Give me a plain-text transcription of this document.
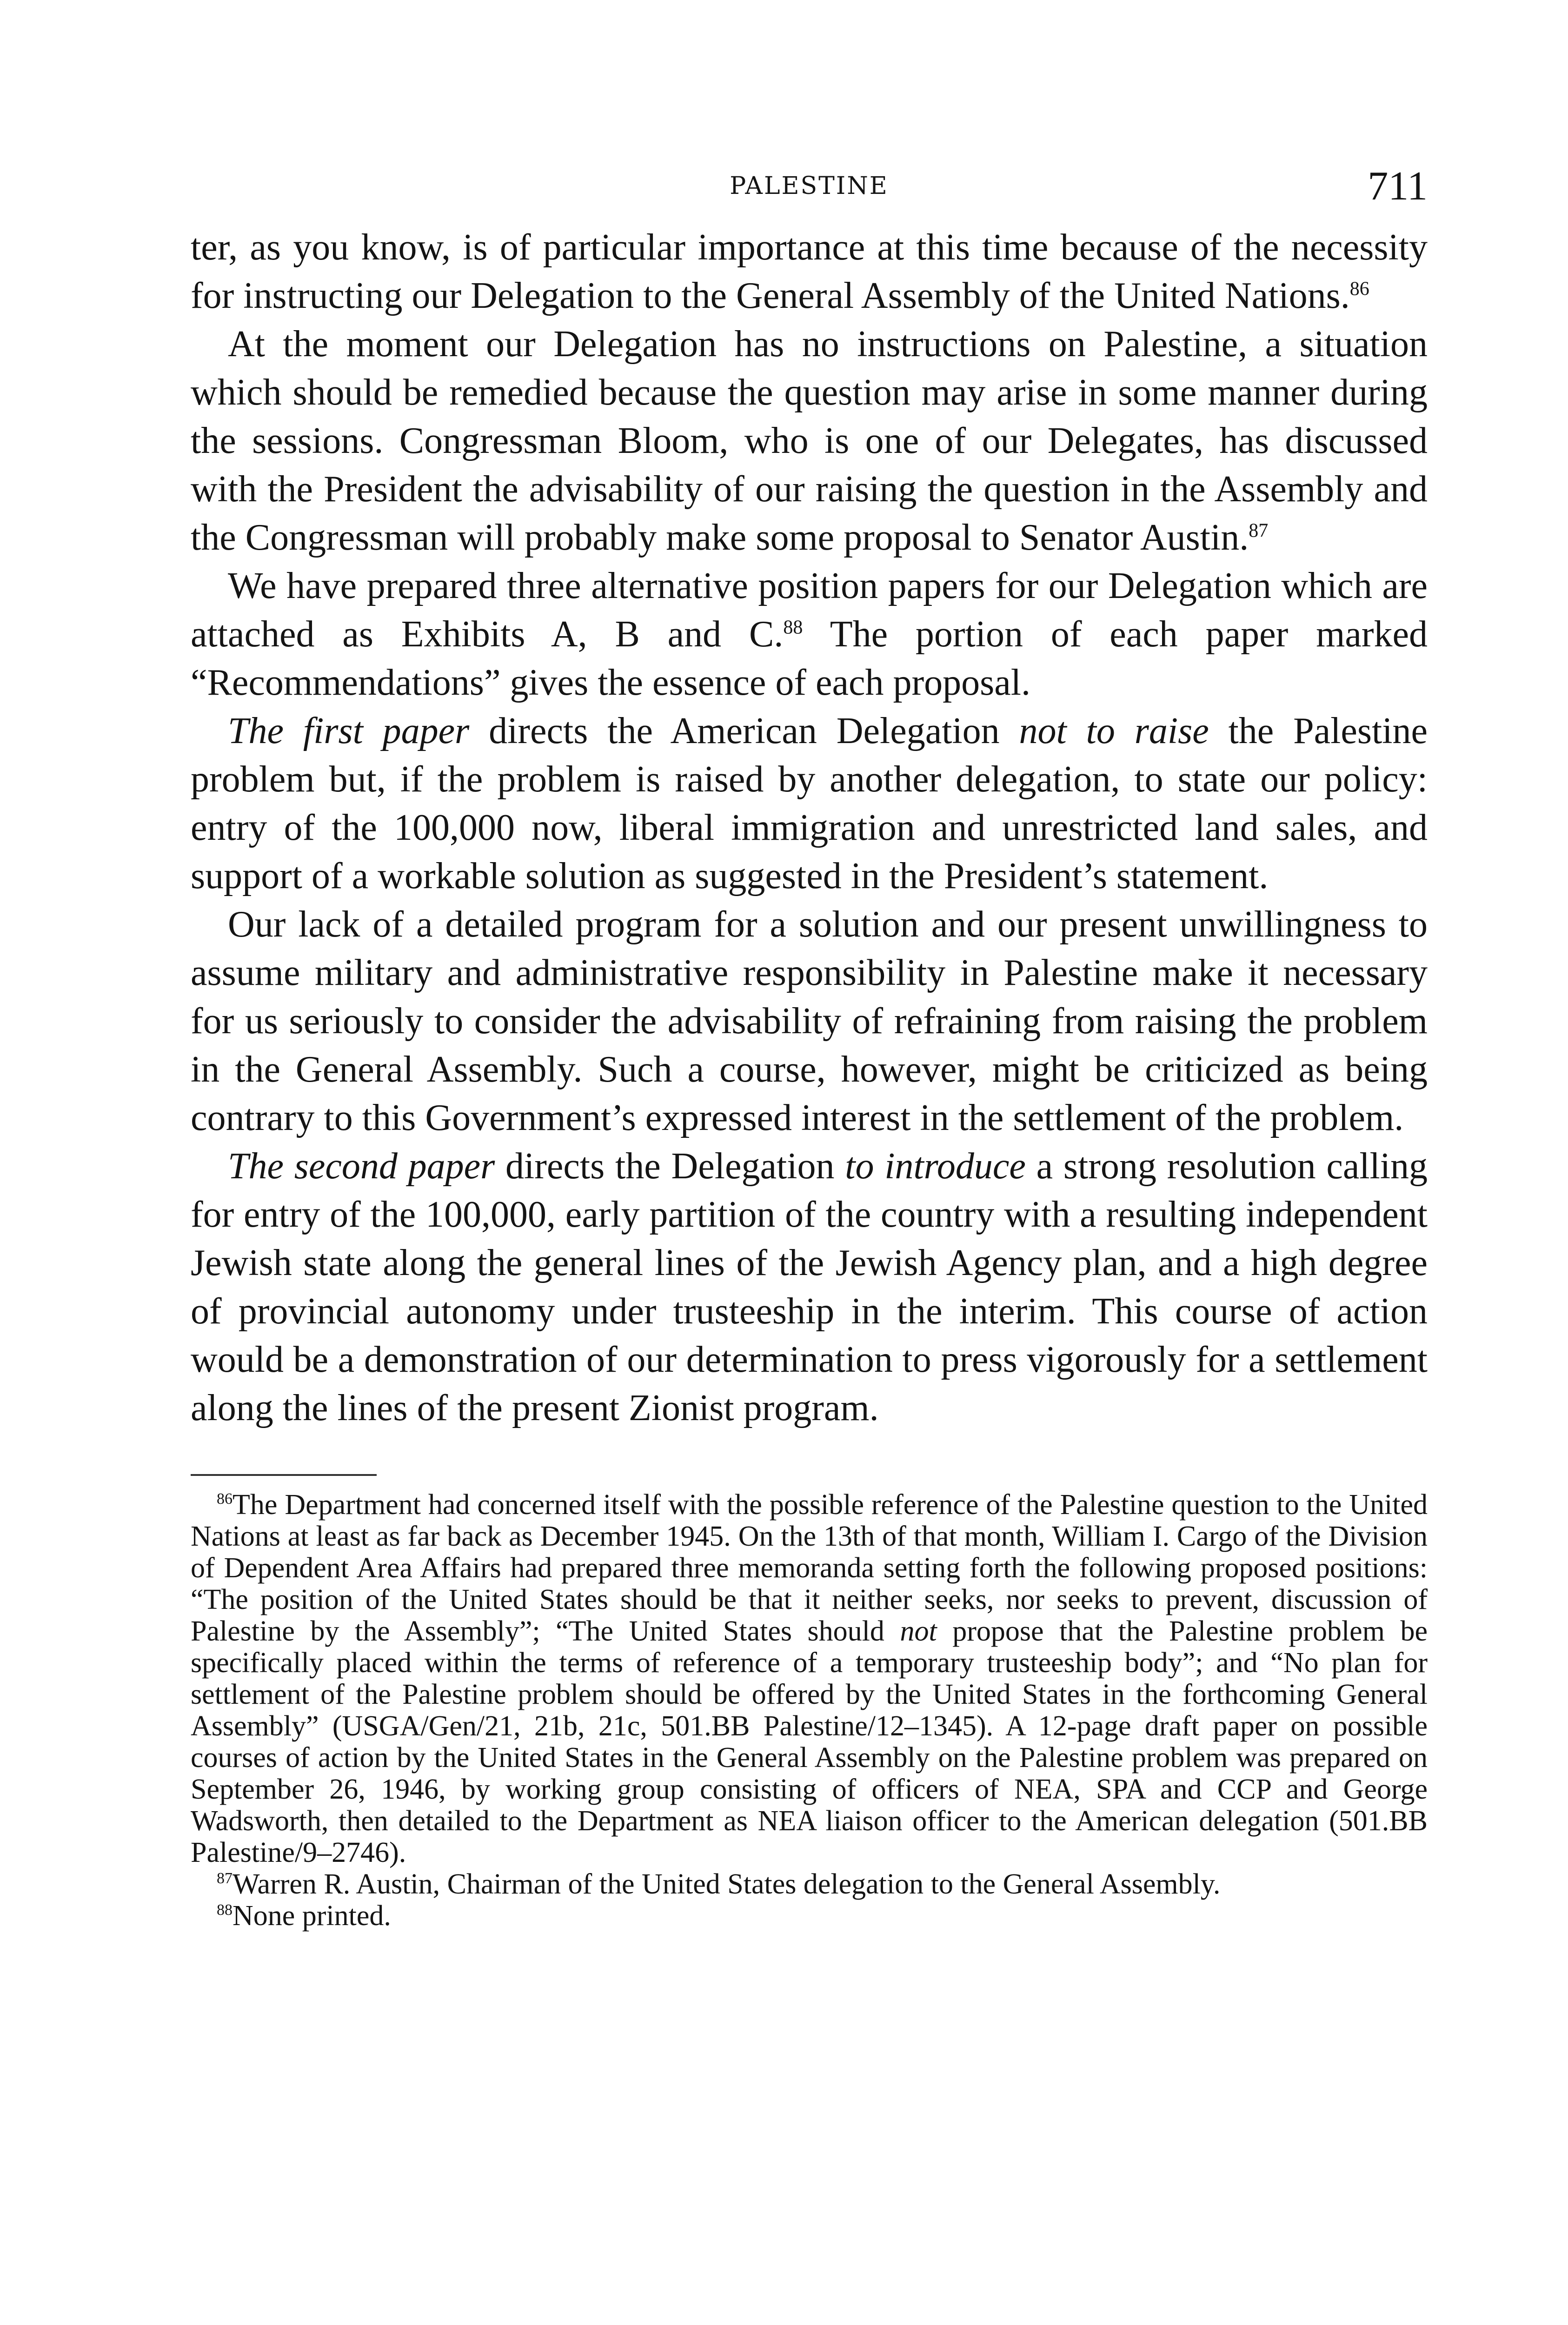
PALESTINE	711

ter, as you know, is of particular importance at this time because of the necessity for instructing our Delegation to the General Assembly of the United Nations.$^{86}$

At the moment our Delegation has no instructions on Palestine, a situation which should be remedied because the question may arise in some manner during the sessions. Congressman Bloom, who is one of our Delegates, has discussed with the President the advisability of our raising the question in the Assembly and the Congressman will probably make some proposal to Senator Austin.$^{87}$

We have prepared three alternative position papers for our Delegation which are attached as Exhibits A, B and C.$^{88}$ The portion of each paper marked “Recommendations” gives the essence of each proposal.

The first paper directs the American Delegation not to raise the Palestine problem but, if the problem is raised by another delegation, to state our policy: entry of the 100,000 now, liberal immigration and unrestricted land sales, and support of a workable solution as suggested in the President’s statement.

Our lack of a detailed program for a solution and our present unwillingness to assume military and administrative responsibility in Palestine make it necessary for us seriously to consider the advisability of refraining from raising the problem in the General Assembly. Such a course, however, might be criticized as being contrary to this Government’s expressed interest in the settlement of the problem.

The second paper directs the Delegation to introduce a strong resolution calling for entry of the 100,000, early partition of the country with a resulting independent Jewish state along the general lines of the Jewish Agency plan, and a high degree of provincial autonomy under trusteeship in the interim. This course of action would be a demonstration of our determination to press vigorously for a settlement along the lines of the present Zionist program.

$^{86}$The Department had concerned itself with the possible reference of the Palestine question to the United Nations at least as far back as December 1945. On the 13th of that month, William I. Cargo of the Division of Dependent Area Affairs had prepared three memoranda setting forth the following proposed positions: “The position of the United States should be that it neither seeks, nor seeks to prevent, discussion of Palestine by the Assembly”; “The United States should not propose that the Palestine problem be specifically placed within the terms of reference of a temporary trusteeship body”; and “No plan for settlement of the Palestine problem should be offered by the United States in the forthcoming General Assembly” (USGA/Gen/21, 21b, 21c, 501.BB Palestine/12–1345). A 12-page draft paper on possible courses of action by the United States in the General Assembly on the Palestine problem was prepared on September 26, 1946, by working group consisting of officers of NEA, SPA and CCP and George Wadsworth, then detailed to the Department as NEA liaison officer to the American delegation (501.BB Palestine/9–2746).

$^{87}$Warren R. Austin, Chairman of the United States delegation to the General Assembly.

$^{88}$None printed.
